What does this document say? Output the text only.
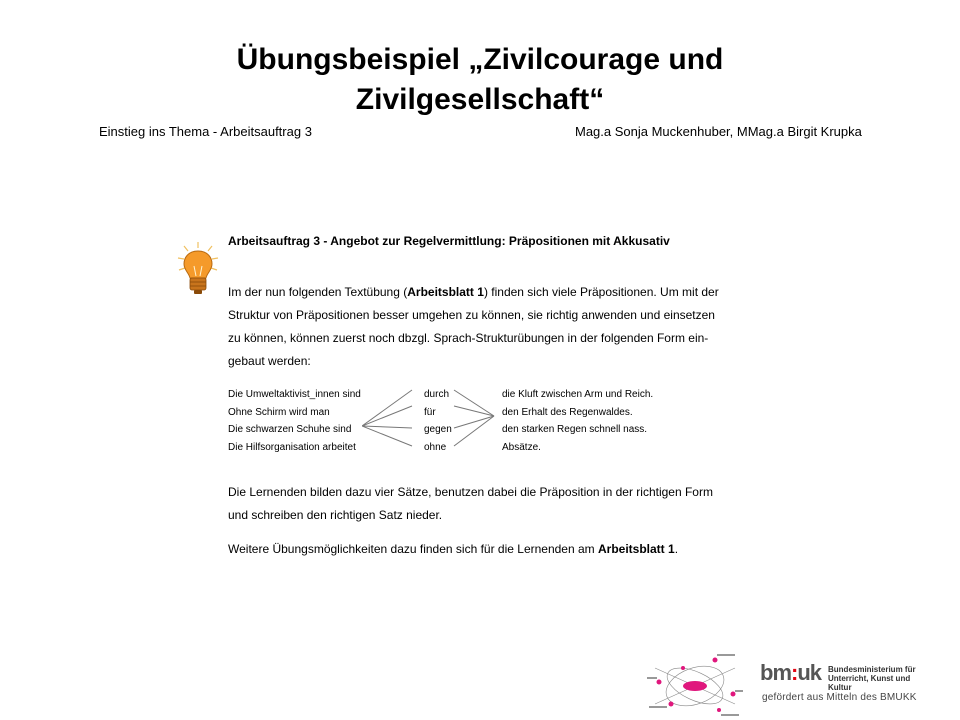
Übungsbeispiel „Zivilcourage und
Zivilgesellschaft“
Einstieg ins Thema - Arbeitsauftrag 3	Mag.a Sonja Muckenhuber, MMag.a Birgit Krupka
Arbeitsauftrag 3 - Angebot zur Regelvermittlung: Präpositionen mit Akkusativ
Im der nun folgenden Textübung (Arbeitsblatt 1) finden sich viele Präpositionen. Um mit der
Struktur von Präpositionen besser umgehen zu können, sie richtig anwenden und einsetzen
zu können, können zuerst noch dbzgl. Sprach-Strukturübungen in der folgenden Form ein-
gebaut werden:
Die Umweltaktivist_innen sind
Ohne Schirm wird man
Die schwarzen Schuhe sind
Die Hilfsorganisation arbeitet
durch
für
gegen
ohne
die Kluft zwischen Arm und Reich.
den Erhalt des Regenwaldes.
den starken Regen schnell nass.
Absätze.
Die Lernenden bilden dazu vier Sätze, benutzen dabei die Präposition in der richtigen Form
und schreiben den richtigen Satz nieder.
Weitere Übungsmöglichkeiten dazu finden sich für die Lernenden am Arbeitsblatt 1.
bm:uk Bundesministerium für
Unterricht, Kunst und Kultur
gefördert aus Mitteln des BMUKK
